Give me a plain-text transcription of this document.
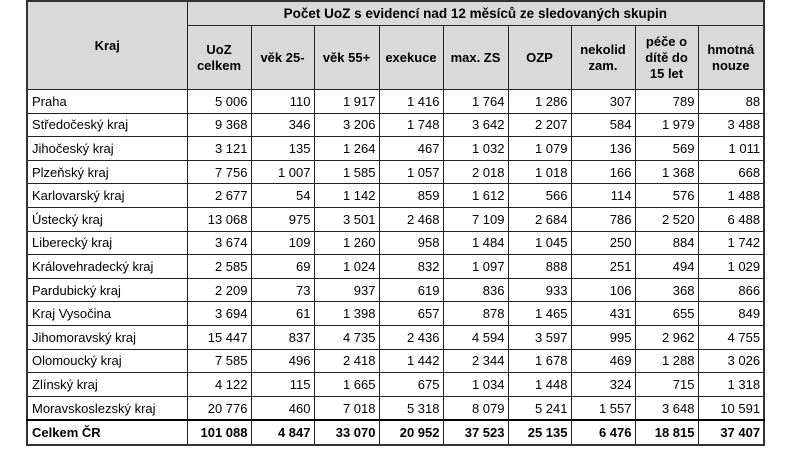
Kraj	Počet UoZ s evidencí nad 12 měsíců ze sledovaných skupin								
	UoZ celkem	věk 25-	věk 55+	exekuce	max. ZS	OZP	nekolid zam.	péče o dítě do 15 let	hmotná nouze
Praha	5 006	110	1 917	1 416	1 764	1 286	307	789	88
Středočeský kraj	9 368	346	3 206	1 748	3 642	2 207	584	1 979	3 488
Jihočeský kraj	3 121	135	1 264	467	1 032	1 079	136	569	1 011
Plzeňský kraj	7 756	1 007	1 585	1 057	2 018	1 018	166	1 368	668
Karlovarský kraj	2 677	54	1 142	859	1 612	566	114	576	1 488
Ústecký kraj	13 068	975	3 501	2 468	7 109	2 684	786	2 520	6 488
Liberecký kraj	3 674	109	1 260	958	1 484	1 045	250	884	1 742
Královehradecký kraj	2 585	69	1 024	832	1 097	888	251	494	1 029
Pardubický kraj	2 209	73	937	619	836	933	106	368	866
Kraj Vysočina	3 694	61	1 398	657	878	1 465	431	655	849
Jihomoravský kraj	15 447	837	4 735	2 436	4 594	3 597	995	2 962	4 755
Olomoucký kraj	7 585	496	2 418	1 442	2 344	1 678	469	1 288	3 026
Zlínský kraj	4 122	115	1 665	675	1 034	1 448	324	715	1 318
Moravskoslezský kraj	20 776	460	7 018	5 318	8 079	5 241	1 557	3 648	10 591
Celkem ČR	101 088	4 847	33 070	20 952	37 523	25 135	6 476	18 815	37 407
